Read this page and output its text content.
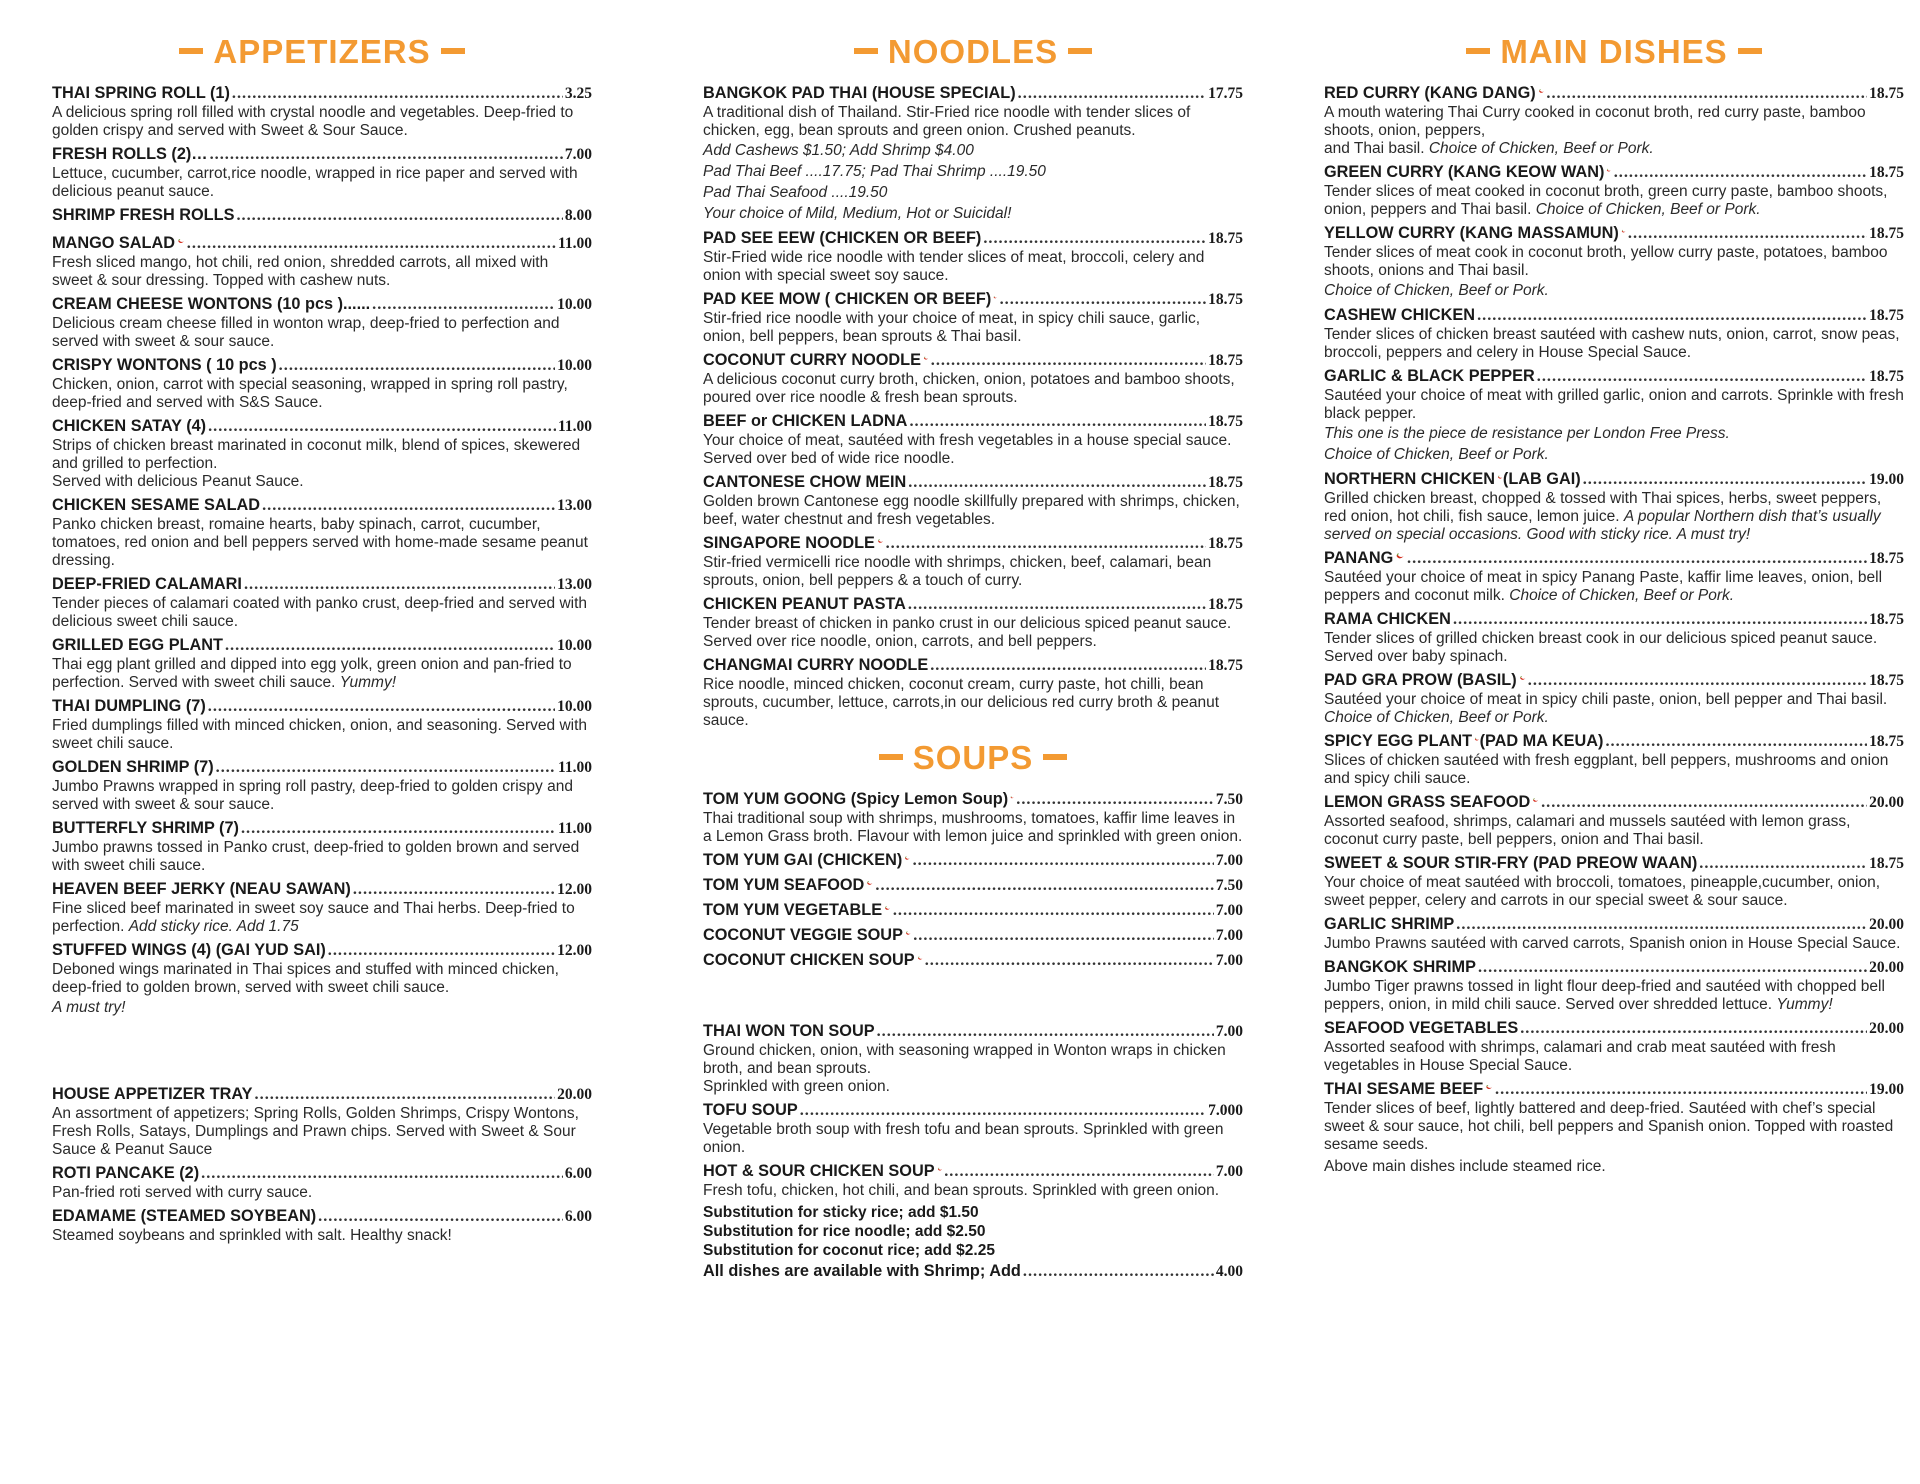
APPETIZERS
THAI SPRING ROLL (1) .....	3.25
A delicious spring roll filled with crystal noodle and vegetables. Deep-fried to golden crispy and served with Sweet & Sour Sauce.
FRESH ROLLS (2)… .....	7.00
Lettuce, cucumber, carrot,rice noodle, wrapped in rice paper and served with delicious peanut sauce.
SHRIMP FRESH ROLLS .....	8.00
MANGO SALAD .....	11.00
Fresh sliced mango, hot chili, red onion, shredded carrots, all mixed with sweet & sour dressing. Topped with cashew nuts.
CREAM CHEESE WONTONS (10 pcs )...... .....	10.00
Delicious cream cheese filled in wonton wrap, deep-fried to perfection and served with sweet & sour sauce.
CRISPY WONTONS ( 10 pcs ) .....	10.00
Chicken, onion, carrot with special seasoning, wrapped in spring roll pastry, deep-fried and served with S&S Sauce.
CHICKEN SATAY (4) .....	11.00
Strips of chicken breast marinated in coconut milk, blend of spices, skewered and grilled to perfection.
Served with delicious Peanut Sauce.
CHICKEN SESAME SALAD .....	13.00
Panko chicken breast, romaine hearts, baby spinach, carrot, cucumber, tomatoes, red onion and bell peppers served with home-made sesame peanut dressing.
DEEP-FRIED CALAMARI .....	13.00
Tender pieces of calamari coated with panko crust, deep-fried and served with delicious sweet chili sauce.
GRILLED EGG PLANT .....	10.00
Thai egg plant grilled and dipped into egg yolk, green onion and pan-fried to perfection. Served with sweet chili sauce. Yummy!
THAI DUMPLING (7) .....	10.00
Fried dumplings filled with minced chicken, onion, and seasoning. Served with sweet chili sauce.
GOLDEN SHRIMP (7) .....	11.00
Jumbo Prawns wrapped in spring roll pastry, deep-fried to golden crispy and served with sweet & sour sauce.
BUTTERFLY SHRIMP (7) .....	11.00
Jumbo prawns tossed in Panko crust, deep-fried to golden brown and served with sweet chili sauce.
HEAVEN BEEF JERKY (NEAU SAWAN) .....	12.00
Fine sliced beef marinated in sweet soy sauce and Thai herbs. Deep-fried to perfection. Add sticky rice. Add 1.75
STUFFED WINGS (4) (GAI YUD SAI) .....	12.00
Deboned wings marinated in Thai spices and stuffed with minced chicken, deep-fried to golden brown, served with sweet chili sauce.
A must try!
HOUSE APPETIZER TRAY .....	20.00
An assortment of appetizers; Spring Rolls, Golden Shrimps, Crispy Wontons, Fresh Rolls, Satays, Dumplings and Prawn chips. Served with Sweet & Sour Sauce & Peanut Sauce
ROTI PANCAKE (2) .....	6.00
Pan-fried roti served with curry sauce.
EDAMAME (STEAMED SOYBEAN) .....	6.00
Steamed soybeans and sprinkled with salt. Healthy snack!
NOODLES
BANGKOK PAD THAI (HOUSE SPECIAL) .....	17.75
A traditional dish of Thailand. Stir-Fried rice noodle with tender slices of chicken, egg, bean sprouts and green onion. Crushed peanuts.
Add Cashews $1.50; Add Shrimp $4.00
Pad Thai Beef ....17.75; Pad Thai Shrimp ....19.50
Pad Thai Seafood ....19.50
Your choice of Mild, Medium, Hot or Suicidal!
PAD SEE EEW (CHICKEN OR BEEF) .....	18.75
Stir-Fried wide rice noodle with tender slices of meat, broccoli, celery and onion with special sweet soy sauce.
PAD KEE MOW ( CHICKEN OR BEEF) .....	18.75
Stir-fried rice noodle with your choice of meat, in spicy chili sauce, garlic, onion, bell peppers, bean sprouts & Thai basil.
COCONUT CURRY NOODLE .....	18.75
A delicious coconut curry broth, chicken, onion, potatoes and bamboo shoots, poured over rice noodle & fresh bean sprouts.
BEEF or CHICKEN LADNA .....	18.75
Your choice of meat, sautéed with fresh vegetables in a house special sauce. Served over bed of wide rice noodle.
CANTONESE CHOW MEIN .....	18.75
Golden brown Cantonese egg noodle skillfully prepared with shrimps, chicken, beef, water chestnut and fresh vegetables.
SINGAPORE NOODLE .....	18.75
Stir-fried vermicelli rice noodle with shrimps, chicken, beef, calamari, bean sprouts, onion, bell peppers & a touch of curry.
CHICKEN PEANUT PASTA .....	18.75
Tender breast of chicken in panko crust in our delicious spiced peanut sauce. Served over rice noodle, onion, carrots, and bell peppers.
CHANGMAI CURRY NOODLE .....	18.75
Rice noodle, minced chicken, coconut cream, curry paste, hot chilli, bean sprouts, cucumber, lettuce, carrots,in our delicious red curry broth & peanut sauce.
SOUPS
TOM YUM GOONG (Spicy Lemon Soup) .....	7.50
Thai traditional soup with shrimps, mushrooms, tomatoes, kaffir lime leaves in a Lemon Grass broth. Flavour with lemon juice and sprinkled with green onion.
TOM YUM GAI (CHICKEN) .....	7.00
TOM YUM SEAFOOD .....	7.50
TOM YUM VEGETABLE .....	7.00
COCONUT VEGGIE SOUP .....	7.00
COCONUT CHICKEN SOUP .....	7.00
THAI WON TON SOUP .....	7.00
Ground chicken, onion, with seasoning wrapped in Wonton wraps in chicken broth, and bean sprouts.
Sprinkled with green onion.
TOFU SOUP .....	7.000
Vegetable broth soup with fresh tofu and bean sprouts. Sprinkled with green onion.
HOT & SOUR CHICKEN SOUP .....	7.00
Fresh tofu, chicken, hot chili, and bean sprouts. Sprinkled with green onion.
Substitution for sticky rice; add $1.50
Substitution for rice noodle; add $2.50
Substitution for coconut rice; add $2.25
All dishes are available with Shrimp; Add .....	4.00
MAIN DISHES
RED CURRY (KANG DANG) .....	18.75
A mouth watering Thai Curry cooked in coconut broth, red curry paste, bamboo shoots, onion, peppers,
and Thai basil. Choice of Chicken, Beef or Pork.
GREEN CURRY (KANG KEOW WAN) .....	18.75
Tender slices of meat cooked in coconut broth, green curry paste, bamboo shoots, onion, peppers and Thai basil. Choice of Chicken, Beef or Pork.
YELLOW CURRY (KANG MASSAMUN) .....	18.75
Tender slices of meat cook in coconut broth, yellow curry paste, potatoes, bamboo shoots, onions and Thai basil.
Choice of Chicken, Beef or Pork.
CASHEW CHICKEN .....	18.75
Tender slices of chicken breast sautéed with cashew nuts, onion, carrot, snow peas, broccoli, peppers and celery in House Special Sauce.
GARLIC & BLACK PEPPER .....	18.75
Sautéed your choice of meat with grilled garlic, onion and carrots. Sprinkle with fresh black pepper.
This one is the piece de resistance per London Free Press.
Choice of Chicken, Beef or Pork.
NORTHERN CHICKEN (LAB GAI) .....	19.00
Grilled chicken breast, chopped & tossed with Thai spices, herbs, sweet peppers, red onion, hot chili, fish sauce, lemon juice. A popular Northern dish that’s usually served on special occasions. Good with sticky rice. A must try!
PANANG .....	18.75
Sautéed your choice of meat in spicy Panang Paste, kaffir lime leaves, onion, bell peppers and coconut milk. Choice of Chicken, Beef or Pork.
RAMA CHICKEN .....	18.75
Tender slices of grilled chicken breast cook in our delicious spiced peanut sauce. Served over baby spinach.
PAD GRA PROW (BASIL) .....	18.75
Sautéed your choice of meat in spicy chili paste, onion, bell pepper and Thai basil. Choice of Chicken, Beef or Pork.
SPICY EGG PLANT (PAD MA KEUA) .....	18.75
Slices of chicken sautéed with fresh eggplant, bell peppers, mushrooms and onion and spicy chili sauce.
LEMON GRASS SEAFOOD .....	20.00
Assorted seafood, shrimps, calamari and mussels sautéed with lemon grass, coconut curry paste, bell peppers, onion and Thai basil.
SWEET & SOUR STIR-FRY (PAD PREOW WAAN) .....	18.75
Your choice of meat sautéed with broccoli, tomatoes, pineapple,cucumber, onion, sweet pepper, celery and carrots in our special sweet & sour sauce.
GARLIC SHRIMP .....	20.00
Jumbo Prawns sautéed with carved carrots, Spanish onion in House Special Sauce.
BANGKOK SHRIMP .....	20.00
Jumbo Tiger prawns tossed in light flour deep-fried and sautéed with chopped bell peppers, onion, in mild chili sauce. Served over shredded lettuce. Yummy!
SEAFOOD VEGETABLES .....	20.00
Assorted seafood with shrimps, calamari and crab meat sautéed with fresh vegetables in House Special Sauce.
THAI SESAME BEEF .....	19.00
Tender slices of beef, lightly battered and deep-fried. Sautéed with chef’s special sweet & sour sauce, hot chili, bell peppers and Spanish onion. Topped with roasted sesame seeds.
Above main dishes include steamed rice.
